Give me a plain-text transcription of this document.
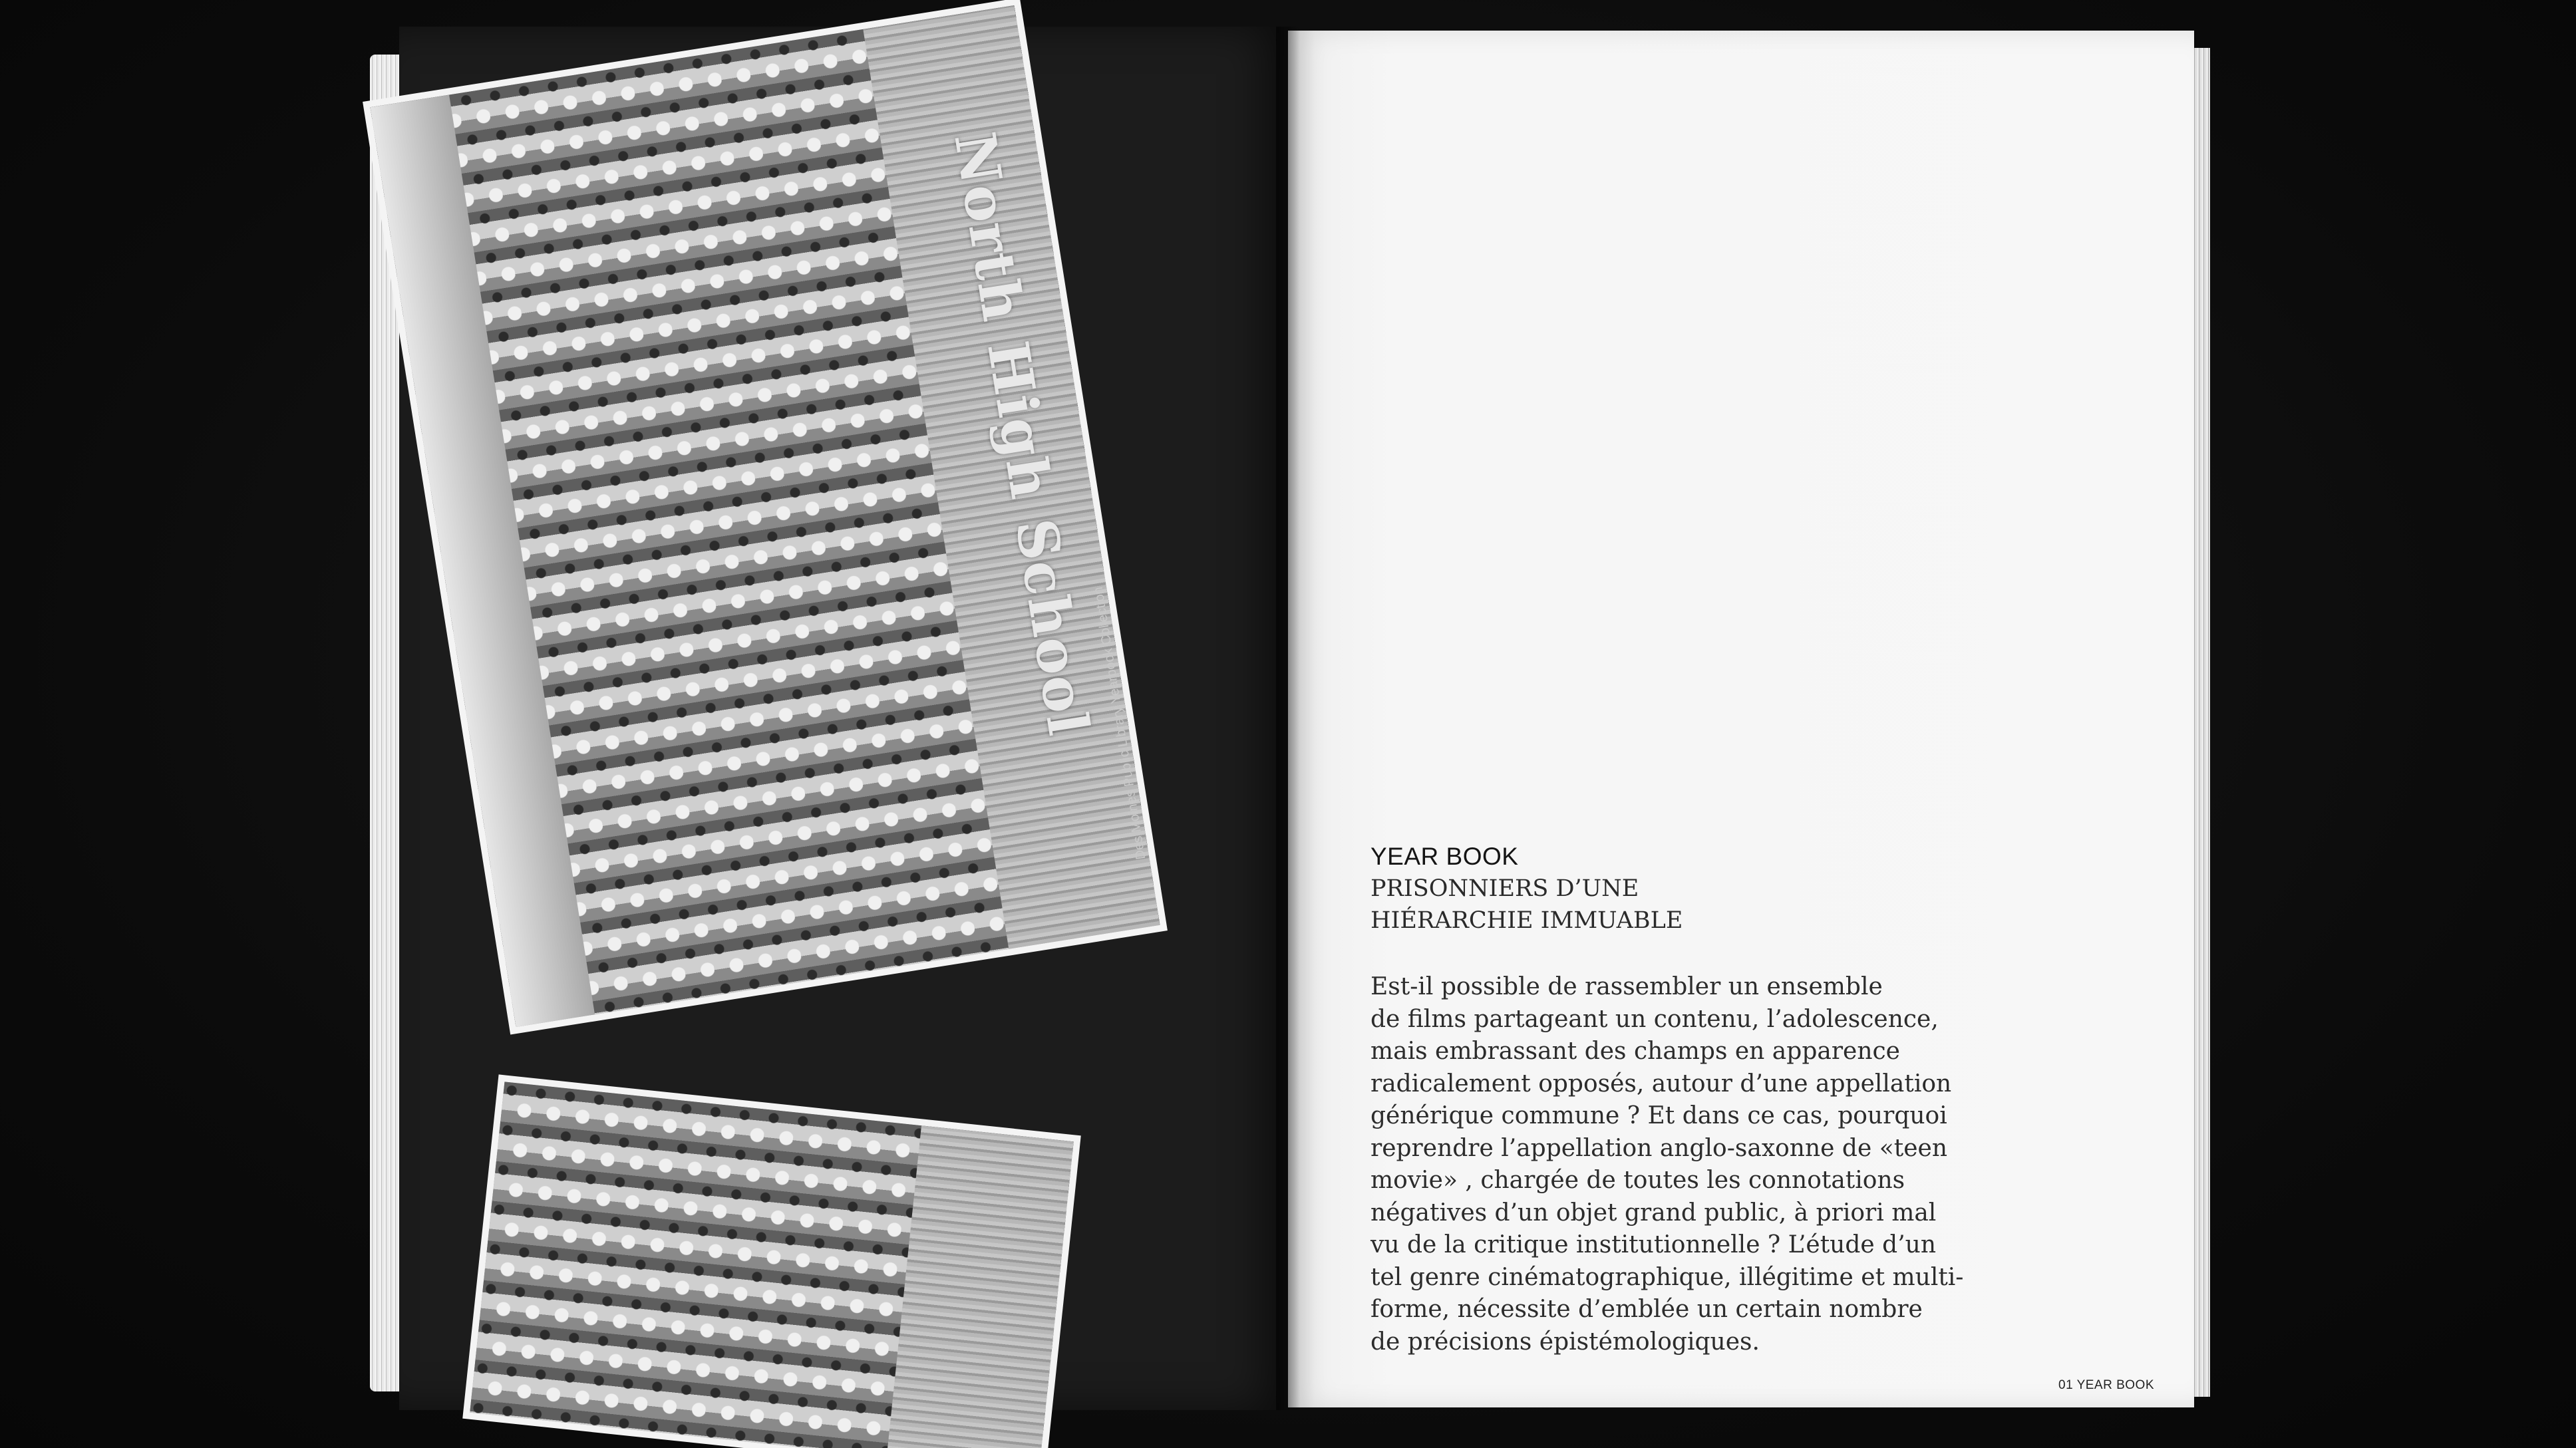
North High School
Des Moines Public Library Yearbook Collection	YEAR BOOK
PRISONNIERS D’UNE
HIÉRARCHIE IMMUABLE
Est-il possible de rassembler un ensemble
de films partageant un contenu, l’adolescence,
mais embrassant des champs en apparence
radicalement opposés, autour d’une appellation
générique commune ? Et dans ce cas, pourquoi
reprendre l’appellation anglo-saxonne de «teen
movie» , chargée de toutes les connotations
négatives d’un objet grand public, à priori mal
vu de la critique institutionnelle ? L’étude d’un
tel genre cinématographique, illégitime et multi-
forme, nécessite d’emblée un certain nombre
de précisions épistémologiques.
01 YEAR BOOK
